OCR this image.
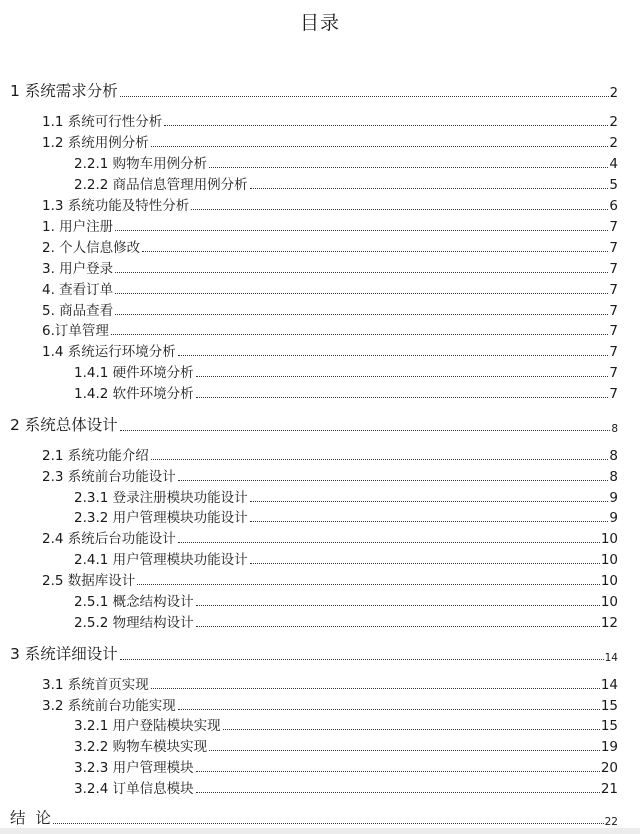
目录
1 系统需求分析	2
1.1 系统可行性分析	2
1.2 系统用例分析	2
2.2.1 购物车用例分析	4
2.2.2 商品信息管理用例分析	5
1.3 系统功能及特性分析	6
1. 用户注册	7
2. 个人信息修改	7
3. 用户登录	7
4. 查看订单	7
5. 商品查看	7
6.订单管理	7
1.4 系统运行环境分析	7
1.4.1 硬件环境分析	7
1.4.2 软件环境分析	7
2 系统总体设计	8
2.1 系统功能介绍	8
2.3 系统前台功能设计	8
2.3.1 登录注册模块功能设计	9
2.3.2 用户管理模块功能设计	9
2.4 系统后台功能设计	10
2.4.1 用户管理模块功能设计	10
2.5 数据库设计	10
2.5.1 概念结构设计	10
2.5.2 物理结构设计	12
3 系统详细设计	14
3.1 系统首页实现	14
3.2 系统前台功能实现	15
3.2.1 用户登陆模块实现	15
3.2.2 购物车模块实现	19
3.2.3 用户管理模块	20
3.2.4 订单信息模块	21
结  论	22
